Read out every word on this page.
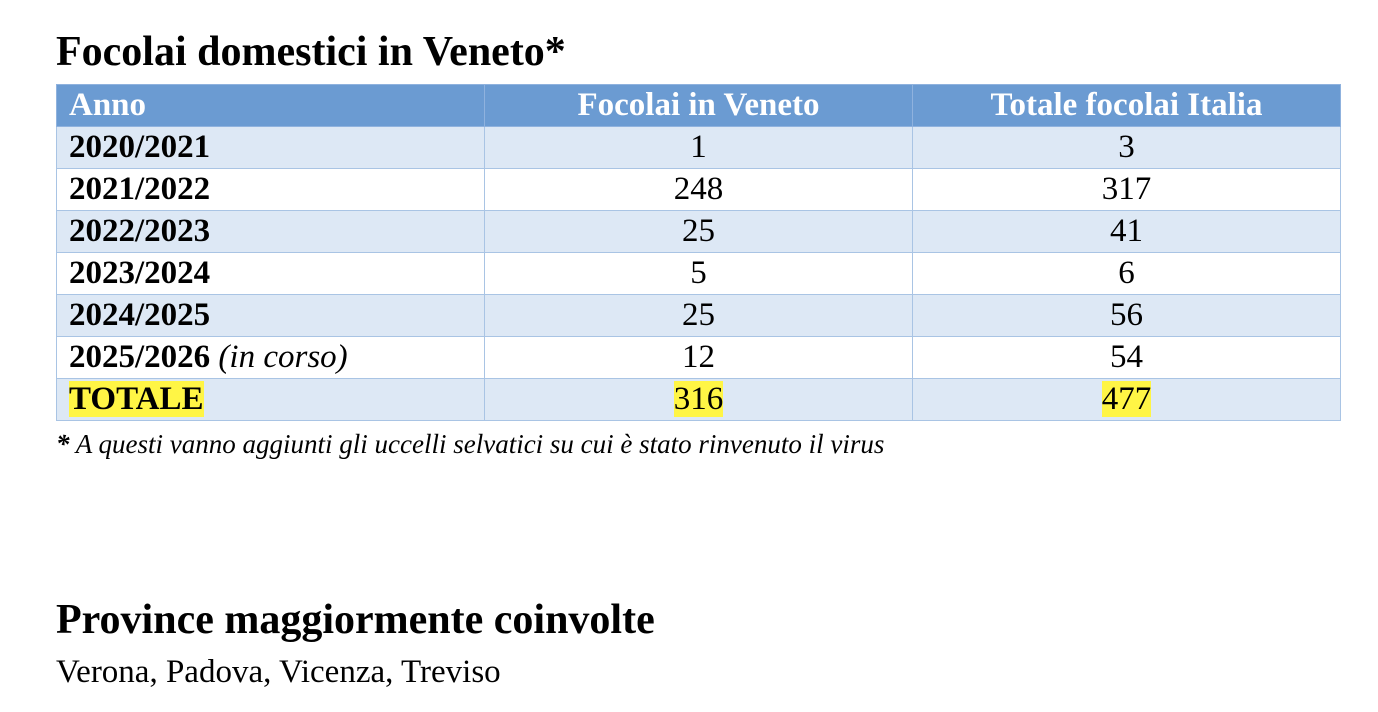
Focolai domestici in Veneto*
Anno	Focolai in Veneto	Totale focolai Italia
2020/2021	1	3
2021/2022	248	317
2022/2023	25	41
2023/2024	5	6
2024/2025	25	56
2025/2026 (in corso)	12	54
TOTALE	316	477

* A questi vanno aggiunti gli uccelli selvatici su cui è stato rinvenuto il virus

Province maggiormente coinvolte

Verona, Padova, Vicenza, Treviso
